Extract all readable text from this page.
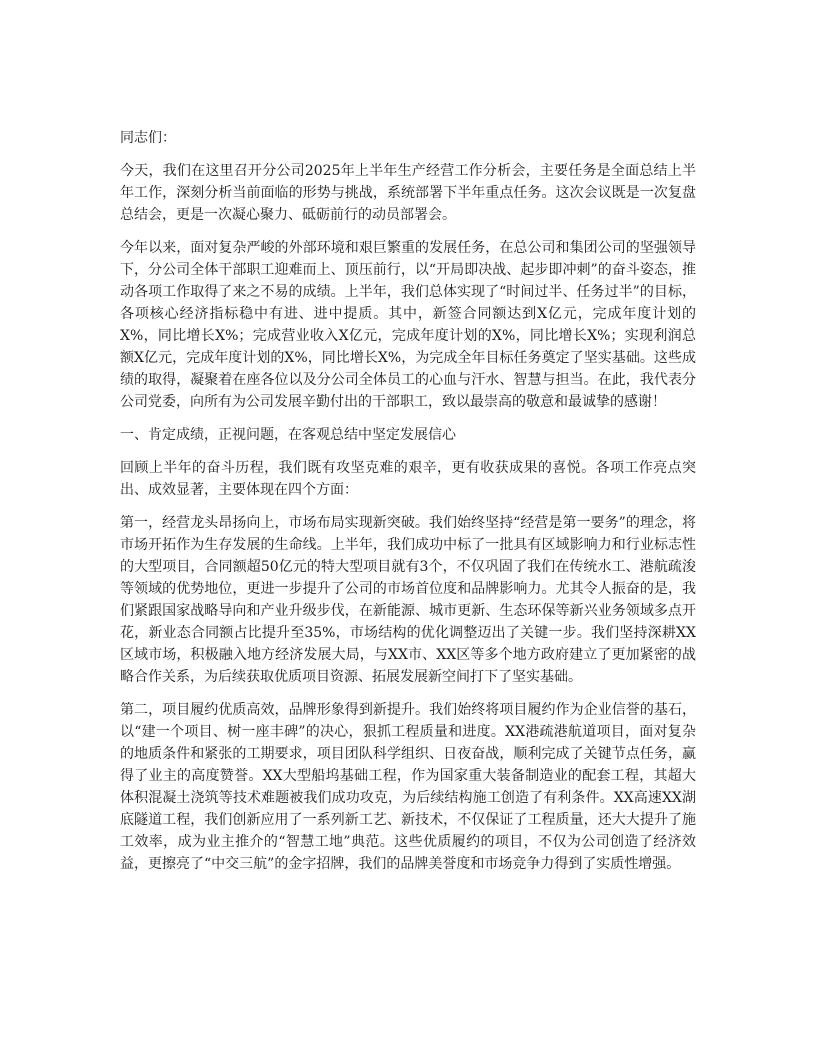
同志们：

今天，我们在这里召开分公司2025年上半年生产经营工作分析会，主要任务是全面总结上半年工作，深刻分析当前面临的形势与挑战，系统部署下半年重点任务。这次会议既是一次复盘总结会，更是一次凝心聚力、砥砺前行的动员部署会。

今年以来，面对复杂严峻的外部环境和艰巨繁重的发展任务，在总公司和集团公司的坚强领导下，分公司全体干部职工迎难而上、顶压前行，以“开局即决战、起步即冲刺”的奋斗姿态，推动各项工作取得了来之不易的成绩。上半年，我们总体实现了“时间过半、任务过半”的目标，各项核心经济指标稳中有进、进中提质。其中，新签合同额达到X亿元，完成年度计划的X%，同比增长X%；完成营业收入X亿元，完成年度计划的X%，同比增长X%；实现利润总额X亿元，完成年度计划的X%，同比增长X%，为完成全年目标任务奠定了坚实基础。这些成绩的取得，凝聚着在座各位以及分公司全体员工的心血与汗水、智慧与担当。在此，我代表分公司党委，向所有为公司发展辛勤付出的干部职工，致以最崇高的敬意和最诚挚的感谢！

一、肯定成绩，正视问题，在客观总结中坚定发展信心

回顾上半年的奋斗历程，我们既有攻坚克难的艰辛，更有收获成果的喜悦。各项工作亮点突出、成效显著，主要体现在四个方面：

第一，经营龙头昂扬向上，市场布局实现新突破。我们始终坚持“经营是第一要务”的理念，将市场开拓作为生存发展的生命线。上半年，我们成功中标了一批具有区域影响力和行业标志性的大型项目，合同额超50亿元的特大型项目就有3个，不仅巩固了我们在传统水工、港航疏浚等领域的优势地位，更进一步提升了公司的市场首位度和品牌影响力。尤其令人振奋的是，我们紧跟国家战略导向和产业升级步伐，在新能源、城市更新、生态环保等新兴业务领域多点开花，新业态合同额占比提升至35%，市场结构的优化调整迈出了关键一步。我们坚持深耕XX区域市场，积极融入地方经济发展大局，与XX市、XX区等多个地方政府建立了更加紧密的战略合作关系，为后续获取优质项目资源、拓展发展新空间打下了坚实基础。

第二，项目履约优质高效，品牌形象得到新提升。我们始终将项目履约作为企业信誉的基石，以“建一个项目、树一座丰碑”的决心，狠抓工程质量和进度。XX港疏港航道项目，面对复杂的地质条件和紧张的工期要求，项目团队科学组织、日夜奋战，顺利完成了关键节点任务，赢得了业主的高度赞誉。XX大型船坞基础工程，作为国家重大装备制造业的配套工程，其超大体积混凝土浇筑等技术难题被我们成功攻克，为后续结构施工创造了有利条件。XX高速XX湖底隧道工程，我们创新应用了一系列新工艺、新技术，不仅保证了工程质量，还大大提升了施工效率，成为业主推介的“智慧工地”典范。这些优质履约的项目，不仅为公司创造了经济效益，更擦亮了“中交三航”的金字招牌，我们的品牌美誉度和市场竞争力得到了实质性增强。
